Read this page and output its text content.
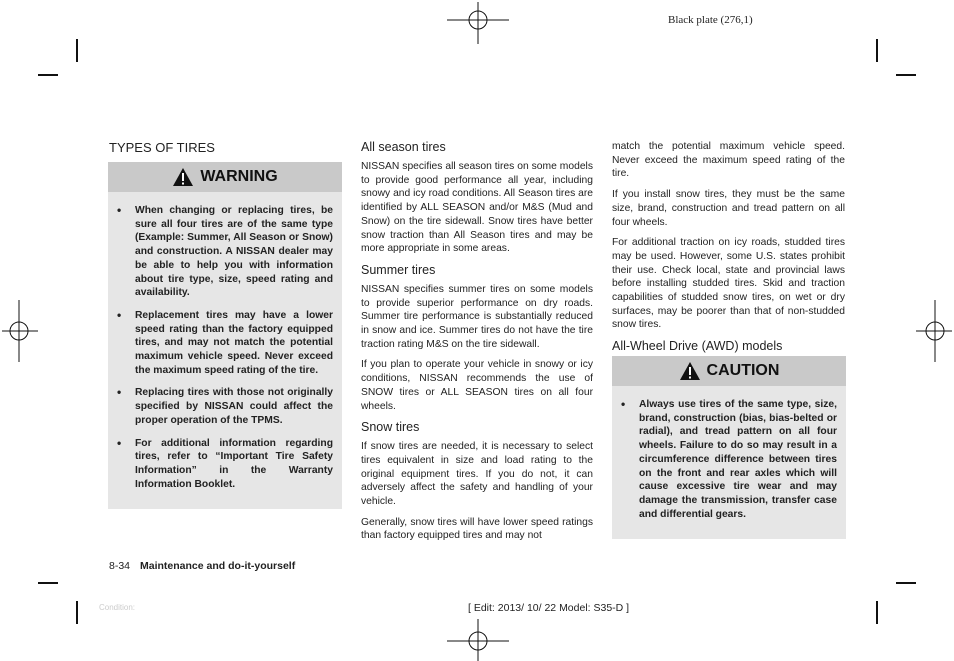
Black plate (276,1)
TYPES OF TIRES
WARNING
• When changing or replacing tires, be sure all four tires are of the same type (Example: Summer, All Season or Snow) and construction. A NISSAN dealer may be able to help you with information about tire type, size, speed rating and availability.
• Replacement tires may have a lower speed rating than the factory equipped tires, and may not match the potential maximum vehicle speed. Never exceed the maximum speed rating of the tire.
• Replacing tires with those not originally specified by NISSAN could affect the proper operation of the TPMS.
• For additional information regarding tires, refer to “Important Tire Safety Information” in the Warranty Information Booklet.
All season tires

NISSAN specifies all season tires on some models to provide good performance all year, including snowy and icy road conditions. All Season tires are identified by ALL SEASON and/or M&S (Mud and Snow) on the tire sidewall. Snow tires have better snow traction than All Season tires and may be more appropriate in some areas.

Summer tires

NISSAN specifies summer tires on some models to provide superior performance on dry roads. Summer tire performance is substantially reduced in snow and ice. Summer tires do not have the tire traction rating M&S on the tire sidewall.

If you plan to operate your vehicle in snowy or icy conditions, NISSAN recommends the use of SNOW tires or ALL SEASON tires on all four wheels.

Snow tires

If snow tires are needed, it is necessary to select tires equivalent in size and load rating to the original equipment tires. If you do not, it can adversely affect the safety and handling of your vehicle.

Generally, snow tires will have lower speed ratings than factory equipped tires and may not

match the potential maximum vehicle speed. Never exceed the maximum speed rating of the tire.

If you install snow tires, they must be the same size, brand, construction and tread pattern on all four wheels.

For additional traction on icy roads, studded tires may be used. However, some U.S. states prohibit their use. Check local, state and provincial laws before installing studded tires. Skid and traction capabilities of studded snow tires, on wet or dry surfaces, may be poorer than that of non-studded snow tires.

All-Wheel Drive (AWD) models
CAUTION
• Always use tires of the same type, size, brand, construction (bias, bias-belted or radial), and tread pattern on all four wheels. Failure to do so may result in a circumference difference between tires on the front and rear axles which will cause excessive tire wear and may damage the transmission, transfer case and differential gears.
8-34 Maintenance and do-it-yourself
Condition:	[ Edit: 2013/ 10/ 22 Model: S35-D ]
